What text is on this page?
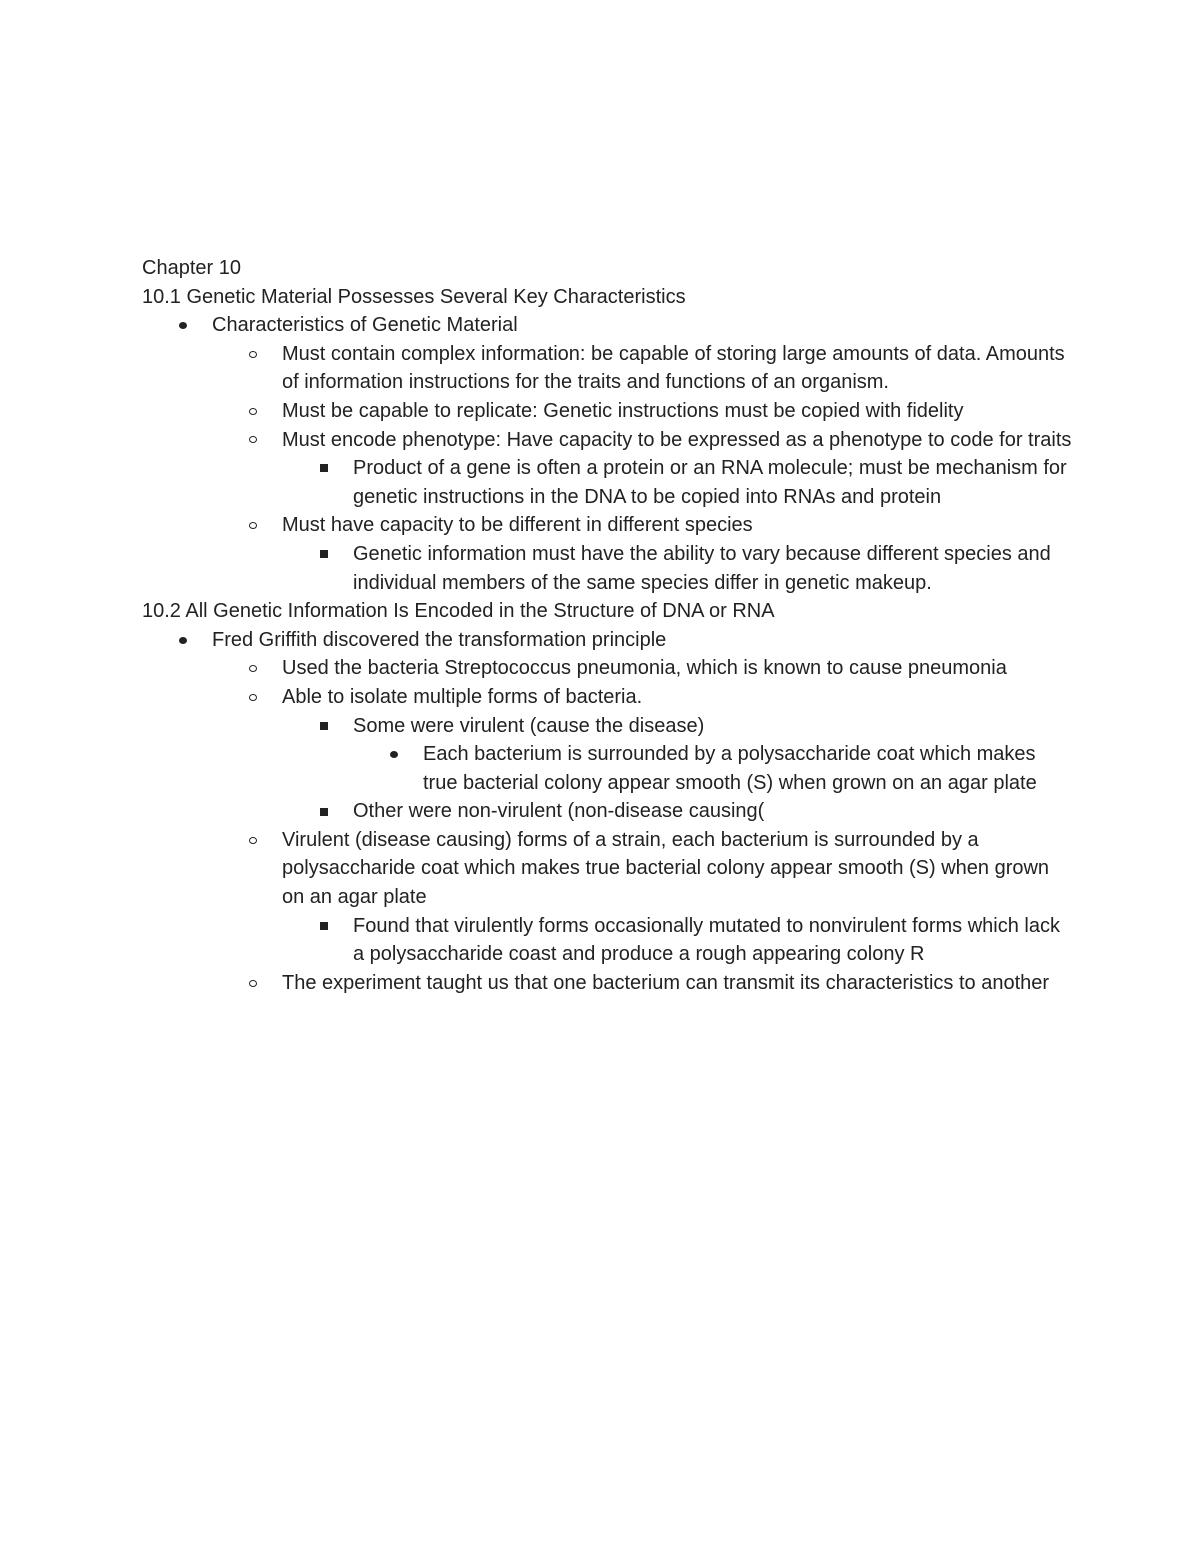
Chapter 10

10.1 Genetic Material Possesses Several Key Characteristics

Characteristics of Genetic Material
Must contain complex information: be capable of storing large amounts of data. Amounts of information instructions for the traits and functions of an organism.
Must be capable to replicate: Genetic instructions must be copied with fidelity
Must encode phenotype: Have capacity to be expressed as a phenotype to code for traits
Product of a gene is often a protein or an RNA molecule; must be mechanism for genetic instructions in the DNA to be copied into RNAs and protein
Must have capacity to be different in different species
Genetic information must have the ability to vary because different species and individual members of the same species differ in genetic makeup.

10.2 All Genetic Information Is Encoded in the Structure of DNA or RNA

Fred Griffith discovered the transformation principle
Used the bacteria Streptococcus pneumonia, which is known to cause pneumonia
Able to isolate multiple forms of bacteria.
Some were virulent (cause the disease)
Each bacterium is surrounded by a polysaccharide coat which makes true bacterial colony appear smooth (S) when grown on an agar plate
Other were non-virulent (non-disease causing(
Virulent (disease causing) forms of a strain, each bacterium is surrounded by a polysaccharide coat which makes true bacterial colony appear smooth (S) when grown on an agar plate
Found that virulently forms occasionally mutated to nonvirulent forms which lack a polysaccharide coast and produce a rough appearing colony R
The experiment taught us that one bacterium can transmit its characteristics to another
